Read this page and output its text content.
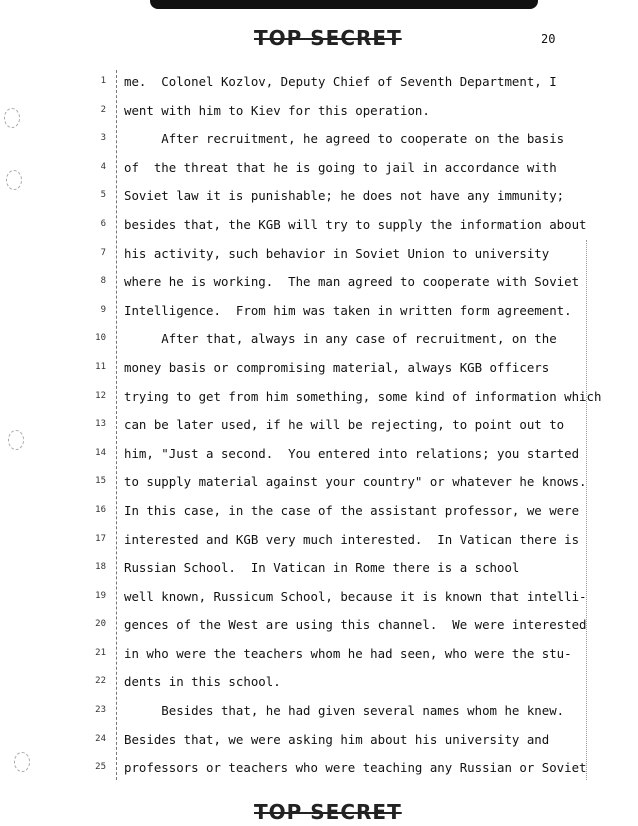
TOP SECRET	20
1 me.  Colonel Kozlov, Deputy Chief of Seventh Department, I
2 went with him to Kiev for this operation.
3 After recruitment, he agreed to cooperate on the basis
4 of  the threat that he is going to jail in accordance with
5 Soviet law it is punishable; he does not have any immunity;
6 besides that, the KGB will try to supply the information about
7 his activity, such behavior in Soviet Union to university
8 where he is working.  The man agreed to cooperate with Soviet
9 Intelligence.  From him was taken in written form agreement.
10 After that, always in any case of recruitment, on the
11 money basis or compromising material, always KGB officers
12 trying to get from him something, some kind of information which
13 can be later used, if he will be rejecting, to point out to
14 him, "Just a second.  You entered into relations; you started
15 to supply material against your country" or whatever he knows.
16 In this case, in the case of the assistant professor, we were
17 interested and KGB very much interested.  In Vatican there is
18 Russian School.  In Vatican in Rome there is a school
19 well known, Russicum School, because it is known that intelli-
20 gences of the West are using this channel.  We were interested
21 in who were the teachers whom he had seen, who were the stu-
22 dents in this school.
23 Besides that, he had given several names whom he knew.
24 Besides that, we were asking him about his university and
25 professors or teachers who were teaching any Russian or Soviet
TOP SECRET
